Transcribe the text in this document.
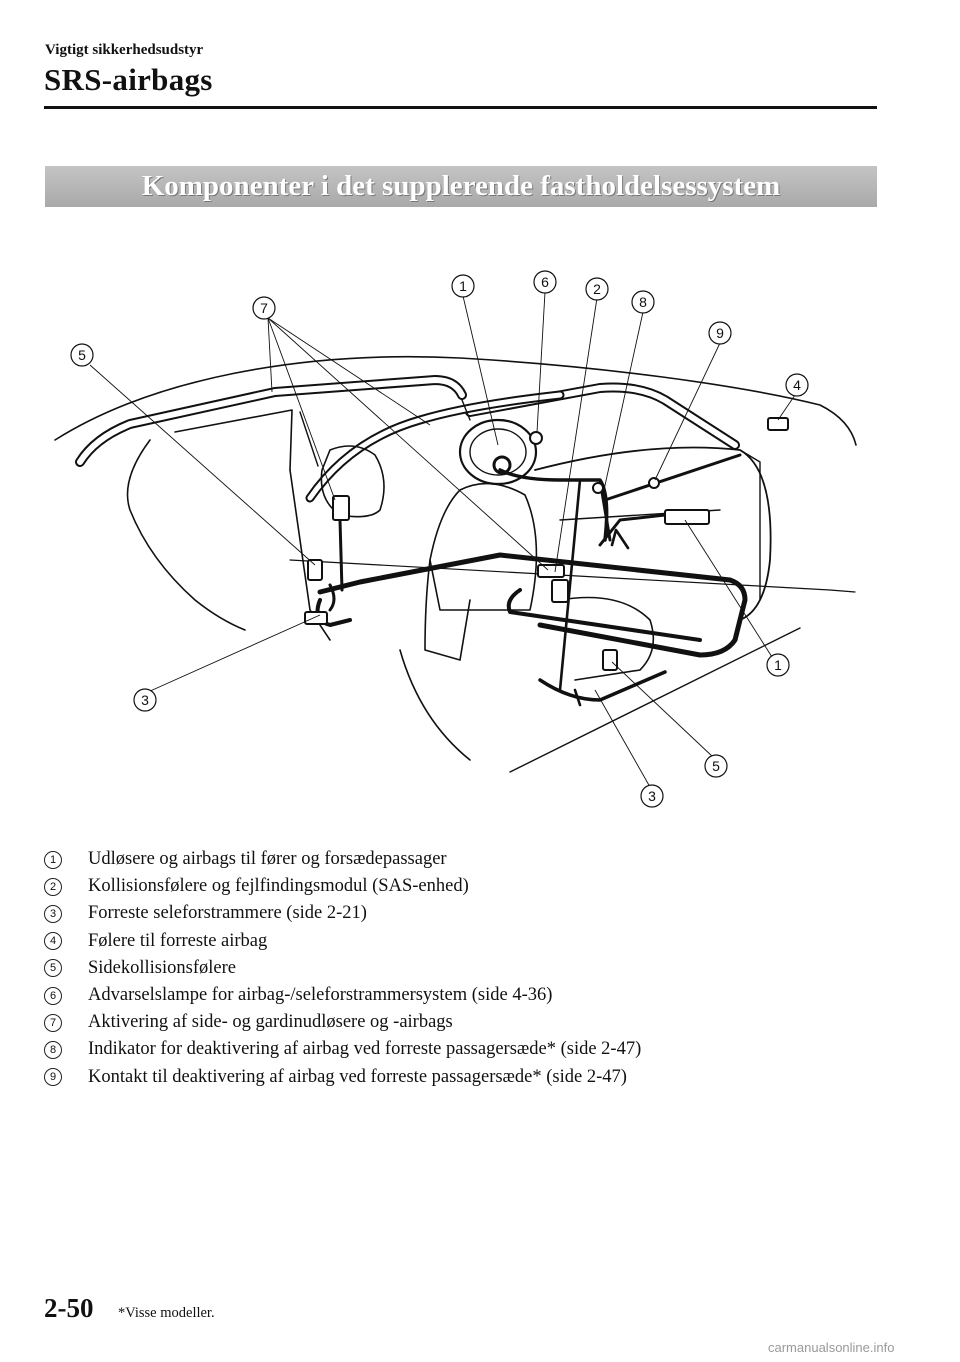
Vigtigt sikkerhedsudstyr
SRS-airbags
Komponenter i det supplerende fastholdelsessystem
1	6	2
8
7
9
5
4
1
3
5
3
1	Udløsere og airbags til fører og forsædepassager
2	Kollisionsfølere og fejlfindingsmodul (SAS-enhed)
3	Forreste seleforstrammere (side 2-21)
4	Følere til forreste airbag
5	Sidekollisionsfølere
6	Advarselslampe for airbag-/seleforstrammersystem (side 4-36)
7	Aktivering af side- og gardinudløsere og -airbags
8	Indikator for deaktivering af airbag ved forreste passagersæde* (side 2-47)
9	Kontakt til deaktivering af airbag ved forreste passagersæde* (side 2-47)
2-50 *Visse modeller.
carmanualsonline.info
